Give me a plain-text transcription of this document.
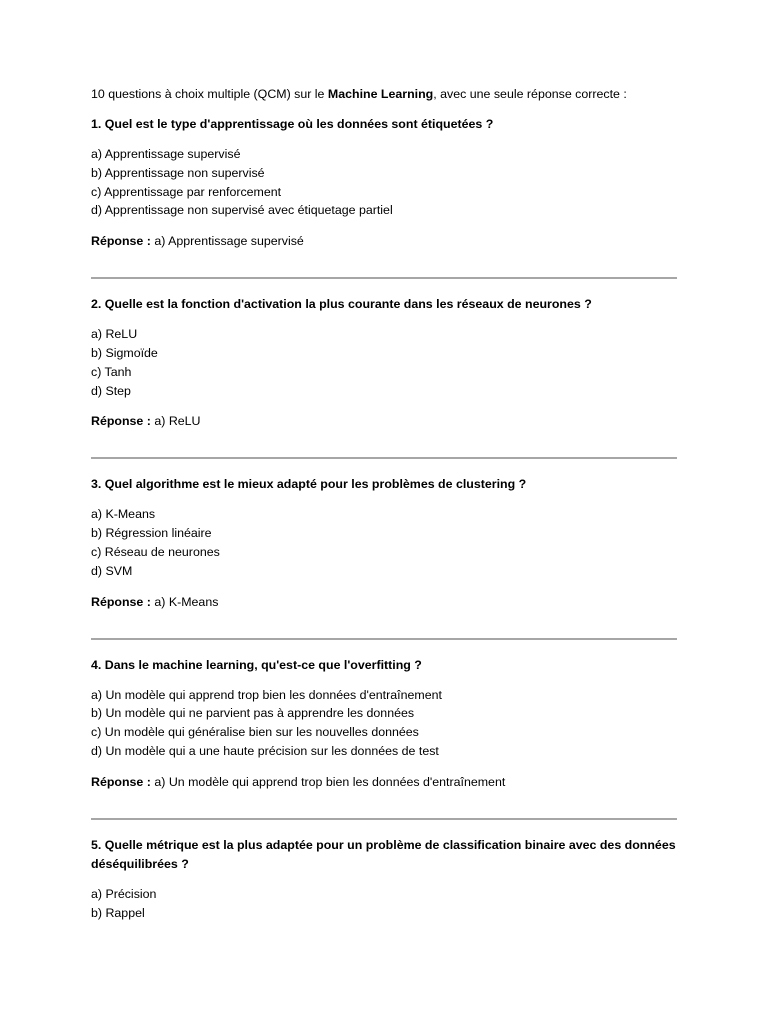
10 questions à choix multiple (QCM) sur le Machine Learning, avec une seule réponse correcte :

1. Quel est le type d'apprentissage où les données sont étiquetées ?

a) Apprentissage supervisé
b) Apprentissage non supervisé
c) Apprentissage par renforcement
d) Apprentissage non supervisé avec étiquetage partiel

Réponse : a) Apprentissage supervisé

2. Quelle est la fonction d'activation la plus courante dans les réseaux de neurones ?

a) ReLU
b) Sigmoïde
c) Tanh
d) Step

Réponse : a) ReLU

3. Quel algorithme est le mieux adapté pour les problèmes de clustering ?

a) K-Means
b) Régression linéaire
c) Réseau de neurones
d) SVM

Réponse : a) K-Means

4. Dans le machine learning, qu'est-ce que l'overfitting ?

a) Un modèle qui apprend trop bien les données d'entraînement
b) Un modèle qui ne parvient pas à apprendre les données
c) Un modèle qui généralise bien sur les nouvelles données
d) Un modèle qui a une haute précision sur les données de test

Réponse : a) Un modèle qui apprend trop bien les données d'entraînement

5. Quelle métrique est la plus adaptée pour un problème de classification binaire avec des données déséquilibrées ?

a) Précision
b) Rappel
